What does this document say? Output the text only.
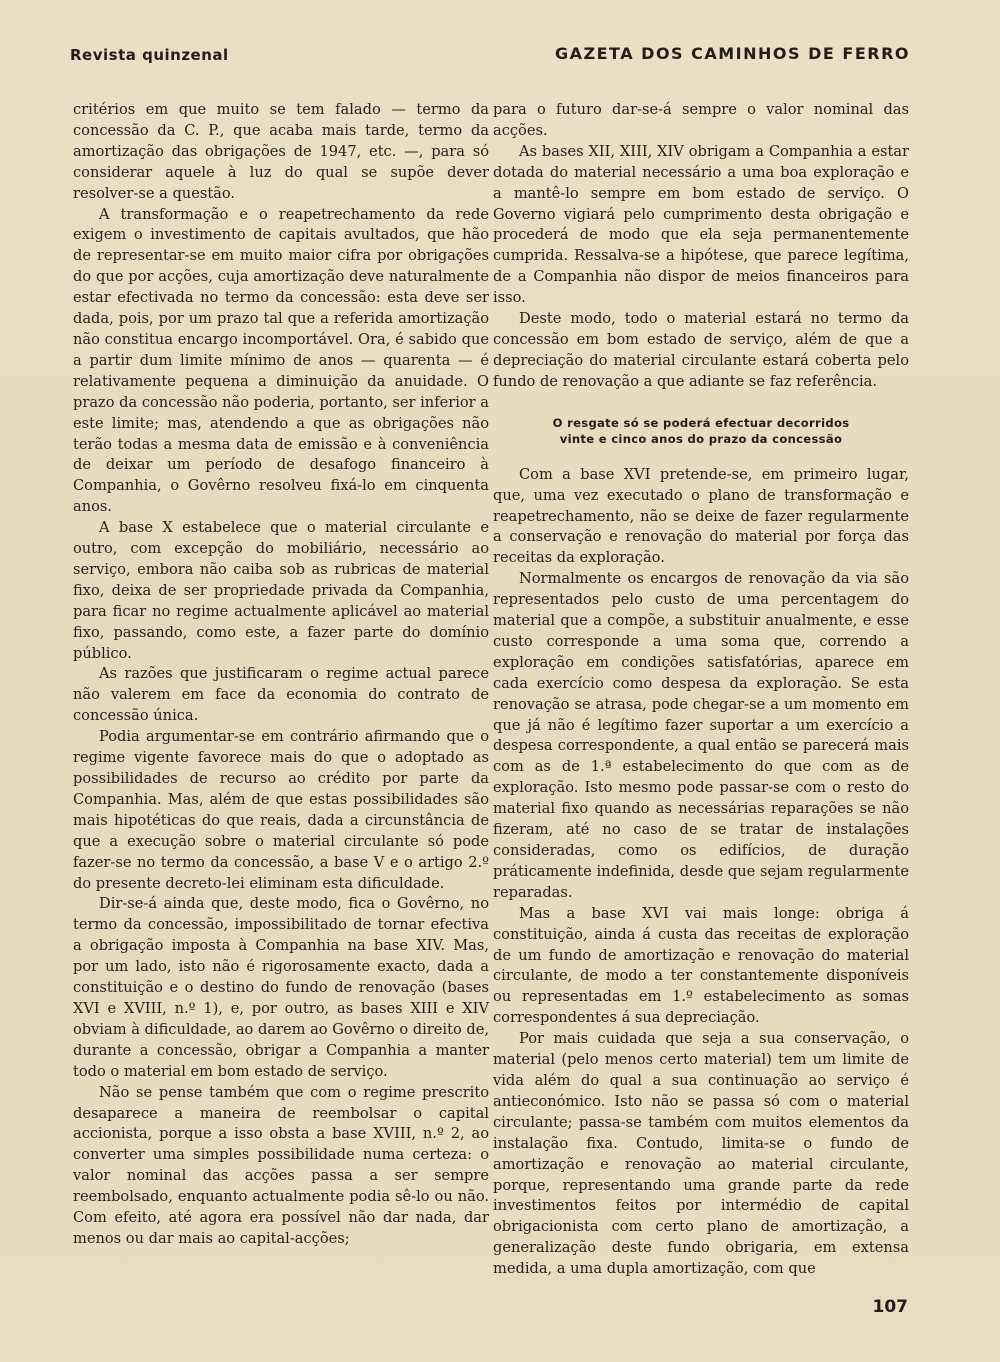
Revista quinzenal	GAZETA DOS CAMINHOS DE FERRO

critérios em que muito se tem falado — termo da concessão da C. P., que acaba mais tarde, termo da amortização das obrigações de 1947, etc. —, para só considerar aquele à luz do qual se supõe dever resolver-se a questão.

A transformação e o reapetrechamento da rede exigem o investimento de capitais avultados, que hão de representar-se em muito maior cifra por obrigações do que por acções, cuja amortização deve naturalmente estar efectivada no termo da concessão: esta deve ser dada, pois, por um prazo tal que a referida amortização não constitua encargo incomportável. Ora, é sabido que a partir dum limite mínimo de anos — quarenta — é relativamente pequena a diminuição da anuidade. O prazo da concessão não poderia, portanto, ser inferior a este limite; mas, atendendo a que as obrigações não terão todas a mesma data de emissão e à conveniência de deixar um período de desafogo financeiro à Companhia, o Govêrno resolveu fixá-lo em cinquenta anos.

A base X estabelece que o material circulante e outro, com excepção do mobiliário, necessário ao serviço, embora não caiba sob as rubricas de material fixo, deixa de ser propriedade privada da Companhia, para ficar no regime actualmente aplicável ao material fixo, passando, como este, a fazer parte do domínio público.

As razões que justificaram o regime actual parece não valerem em face da economia do contrato de concessão única.

Podia argumentar-se em contrário afirmando que o regime vigente favorece mais do que o adoptado as possibilidades de recurso ao crédito por parte da Companhia. Mas, além de que estas possibilidades são mais hipotéticas do que reais, dada a circunstância de que a execução sobre o material circulante só pode fazer-se no termo da concessão, a base V e o artigo 2.º do presente decreto-lei eliminam esta dificuldade.

Dir-se-á ainda que, deste modo, fica o Govêrno, no termo da concessão, impossibilitado de tornar efectiva a obrigação imposta à Companhia na base XIV. Mas, por um lado, isto não é rigorosamente exacto, dada a constituição e o destino do fundo de renovação (bases XVI e XVIII, n.º 1), e, por outro, as bases XIII e XIV obviam à dificuldade, ao darem ao Govêrno o direito de, durante a concessão, obrigar a Companhia a manter todo o material em bom estado de serviço.

Não se pense também que com o regime prescrito desaparece a maneira de reembolsar o capital accionista, porque a isso obsta a base XVIII, n.º 2, ao converter uma simples possibilidade numa certeza: o valor nominal das acções passa a ser sempre reembolsado, enquanto actualmente podia sê-lo ou não. Com efeito, até agora era possível não dar nada, dar menos ou dar mais ao capital-acções;

para o futuro dar-se-á sempre o valor nominal das acções.

As bases XII, XIII, XIV obrigam a Companhia a estar dotada do material necessário a uma boa exploração e a mantê-lo sempre em bom estado de serviço. O Governo vigiará pelo cumprimento desta obrigação e procederá de modo que ela seja permanentemente cumprida. Ressalva-se a hipótese, que parece legítima, de a Companhia não dispor de meios financeiros para isso.

Deste modo, todo o material estará no termo da concessão em bom estado de serviço, além de que a depreciação do material circulante estará coberta pelo fundo de renovação a que adiante se faz referência.

O resgate só se poderá efectuar decorridos
vinte e cinco anos do prazo da concessão

Com a base XVI pretende-se, em primeiro lugar, que, uma vez executado o plano de transformação e reapetrechamento, não se deixe de fazer regularmente a conservação e renovação do material por força das receitas da exploração.

Normalmente os encargos de renovação da via são representados pelo custo de uma percentagem do material que a compõe, a substituir anualmente, e esse custo corresponde a uma soma que, correndo a exploração em condições satisfatórias, aparece em cada exercício como despesa da exploração. Se esta renovação se atrasa, pode chegar-se a um momento em que já não é legítimo fazer suportar a um exercício a despesa correspondente, a qual então se parecerá mais com as de 1.ª estabelecimento do que com as de exploração. Isto mesmo pode passar-se com o resto do material fixo quando as necessárias reparações se não fizeram, até no caso de se tratar de instalações consideradas, como os edifícios, de duração práticamente indefinida, desde que sejam regularmente reparadas.

Mas a base XVI vai mais longe: obriga á constituição, ainda á custa das receitas de exploração de um fundo de amortização e renovação do material circulante, de modo a ter constantemente disponíveis ou representadas em 1.º estabelecimento as somas correspondentes á sua depreciação.

Por mais cuidada que seja a sua conservação, o material (pelo menos certo material) tem um limite de vida além do qual a sua continuação ao serviço é antieconómico. Isto não se passa só com o material circulante; passa-se também com muitos elementos da instalação fixa. Contudo, limita-se o fundo de amortização e renovação ao material circulante, porque, representando uma grande parte da rede investimentos feitos por intermédio de capital obrigacionista com certo plano de amortização, a generalização deste fundo obrigaria, em extensa medida, a uma dupla amortização, com que

107
